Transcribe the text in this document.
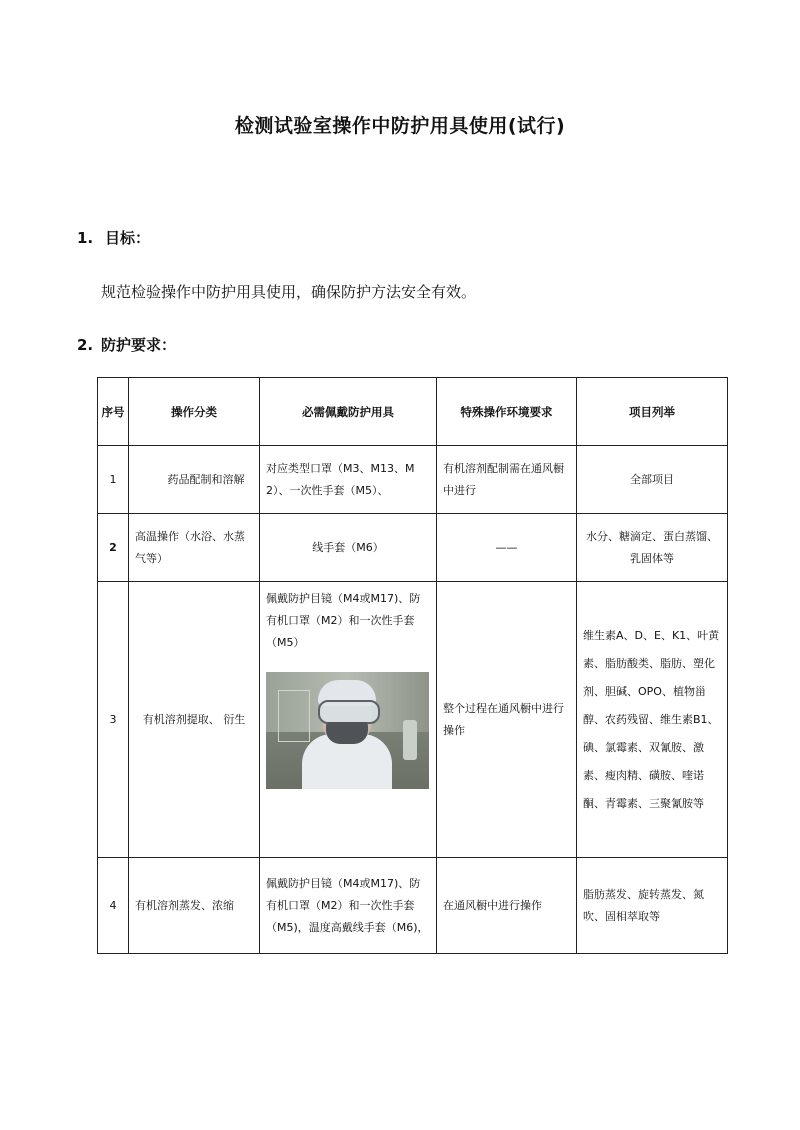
检测试验室操作中防护用具使用(试行)
1. 目标：
规范检验操作中防护用具使用，确保防护方法安全有效。
2. 防护要求：
序号	操作分类	必需佩戴防护用具	特殊操作环境要求	项目列举
1	药品配制和溶解	对应类型口罩（M3、M13、M2）、一次性手套（M5）、	有机溶剂配制需在通风橱中进行	全部项目
2	高温操作（水浴、水蒸气等）	线手套（M6）	——	水分、糖滴定、蛋白蒸馏、乳固体等
3	有机溶剂提取、 衍生	佩戴防护目镜（M4或M17)、防有机口罩（M2）和一次性手套（M5）	整个过程在通风橱中进行操作	维生素A、D、E、K1、叶黄素、脂肪酸类、脂肪、塑化剂、胆碱、OPO、植物甾醇、农药残留、维生素B1、碘、氯霉素、双氰胺、激素、瘦肉精、磺胺、喹诺酮、青霉素、三聚氰胺等
4	有机溶剂蒸发、浓缩	佩戴防护目镜（M4或M17)、防有机口罩（M2）和一次性手套（M5)，温度高戴线手套（M6)，	在通风橱中进行操作	脂肪蒸发、旋转蒸发、氮吹、固相萃取等
